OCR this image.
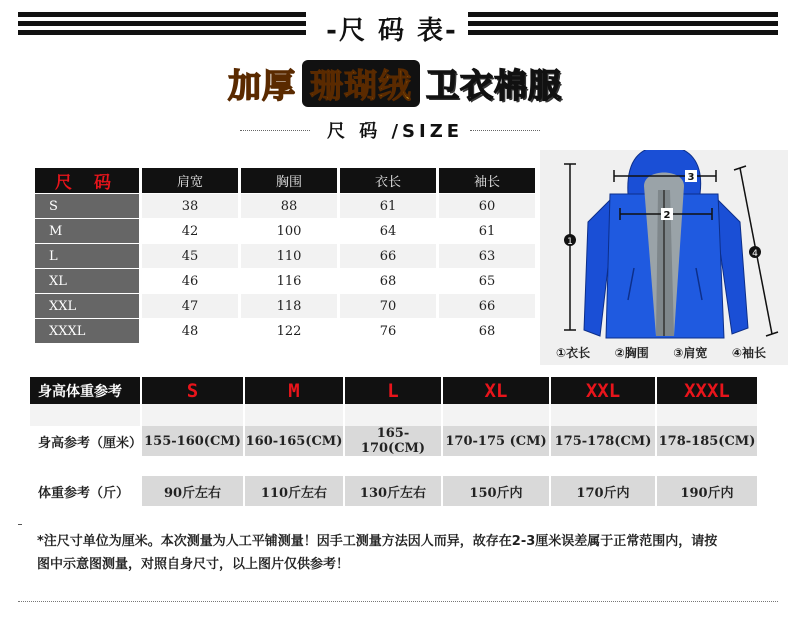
-尺 码 表-
加厚 珊瑚绒 卫衣棉服
尺 码 /SIZE
尺 码	肩宽	胸围	衣长	袖长
S	38	88	61	60
M	42	100	64	61
L	45	110	66	63
XL	46	116	68	65
XXL	47	118	70	66
XXXL	48	122	76	68
1
2
3
4
①衣长 ②胸围 ③肩宽 ④袖长
身高体重参考	S	M	L	XL	XXL	XXXL

身高参考（厘米）	155-160(CM)	160-165(CM)	165-170(CM)	170-175 (CM)	175-178(CM)	178-185(CM)

体重参考（斤）	90斤左右	110斤左右	130斤左右	150斤内	170斤内	190斤内
*注尺寸单位为厘米。本次测量为人工平铺测量！因手工测量方法因人而异，故存在2-3厘米误差属于正常范围内，请按
图中示意图测量，对照自身尺寸，以上图片仅供参考！
